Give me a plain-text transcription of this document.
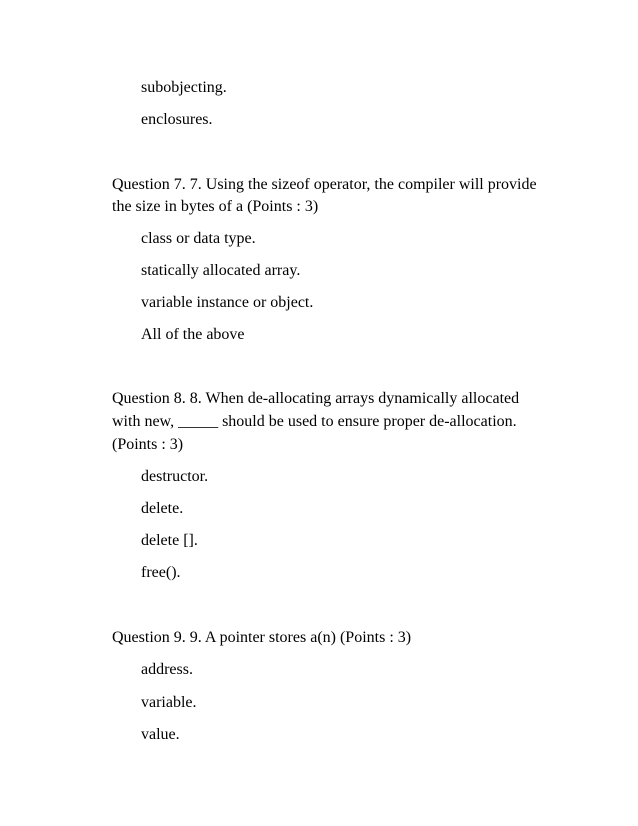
subobjecting.
enclosures.
Question 7. 7. Using the sizeof operator, the compiler will provide
the size in bytes of a (Points : 3)
class or data type.
statically allocated array.
variable instance or object.
All of the above
Question 8. 8. When de-allocating arrays dynamically allocated
with new, _____ should be used to ensure proper de-allocation.
(Points : 3)
destructor.
delete.
delete [].
free().
Question 9. 9. A pointer stores a(n) (Points : 3)
address.
variable.
value.
